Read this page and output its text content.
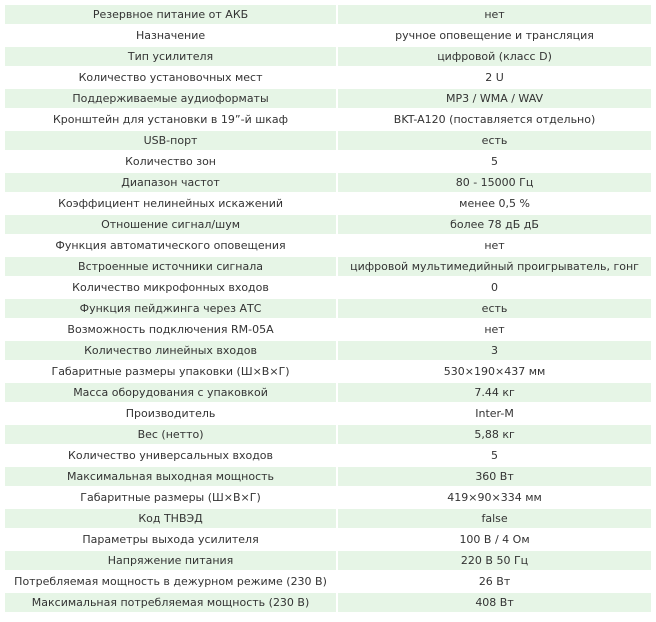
Резервное питание от АКБ	нет
Назначение	ручное оповещение и трансляция
Тип усилителя	цифровой (класс D)
Количество установочных мест	2 U
Поддерживаемые аудиоформаты	MP3 / WMA / WAV
Кронштейн для установки в 19”-й шкаф	BKT-A120 (поставляется отдельно)
USB-порт	есть
Количество зон	5
Диапазон частот	80 - 15000 Гц
Коэффициент нелинейных искажений	менее 0,5 %
Отношение сигнал/шум	более 78 дБ дБ
Функция автоматического оповещения	нет
Встроенные источники сигнала	цифровой мультимедийный проигрыватель, гонг
Количество микрофонных входов	0
Функция пейджинга через АТС	есть
Возможность подключения RM-05A	нет
Количество линейных входов	3
Габаритные размеры упаковки (Ш×В×Г)	530×190×437 мм
Масса оборудования с упаковкой	7.44 кг
Производитель	Inter-M
Вес (нетто)	5,88 кг
Количество универсальных входов	5
Максимальная выходная мощность	360 Вт
Габаритные размеры (Ш×В×Г)	419×90×334 мм
Код ТНВЭД	false
Параметры выхода усилителя	100 В / 4 Ом
Напряжение питания	220 В 50 Гц
Потребляемая мощность в дежурном режиме (230 В)	26 Вт
Максимальная потребляемая мощность (230 В)	408 Вт
